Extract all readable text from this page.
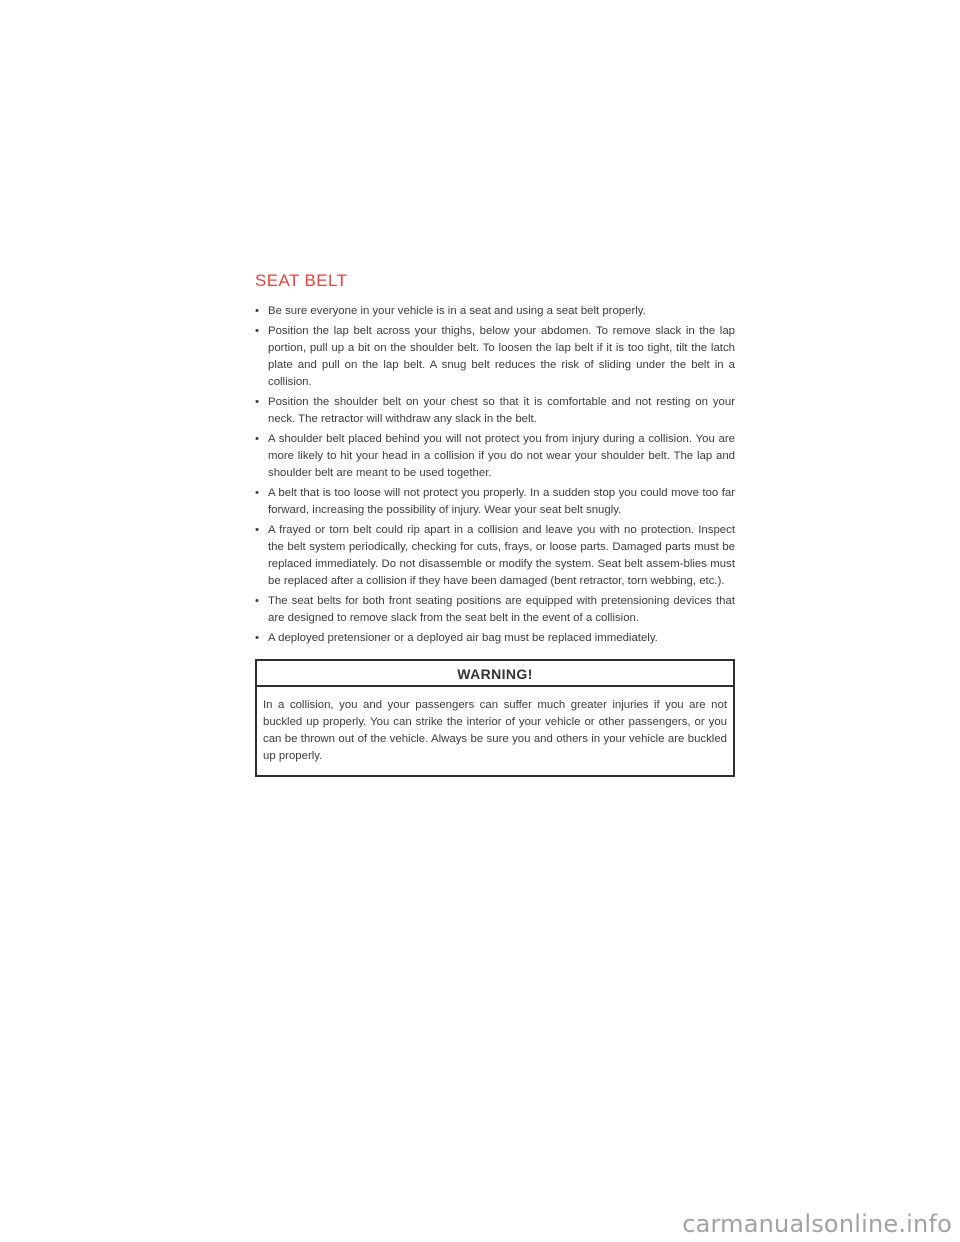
SEAT BELT
• Be sure everyone in your vehicle is in a seat and using a seat belt properly.
• Position the lap belt across your thighs, below your abdomen. To remove slack in the lap portion, pull up a bit on the shoulder belt. To loosen the lap belt if it is too tight, tilt the latch plate and pull on the lap belt. A snug belt reduces the risk of sliding under the belt in a collision.
• Position the shoulder belt on your chest so that it is comfortable and not resting on your neck. The retractor will withdraw any slack in the belt.
• A shoulder belt placed behind you will not protect you from injury during a collision. You are more likely to hit your head in a collision if you do not wear your shoulder belt. The lap and shoulder belt are meant to be used together.
• A belt that is too loose will not protect you properly. In a sudden stop you could move too far forward, increasing the possibility of injury. Wear your seat belt snugly.
• A frayed or torn belt could rip apart in a collision and leave you with no protection. Inspect the belt system periodically, checking for cuts, frays, or loose parts. Damaged parts must be replaced immediately. Do not disassemble or modify the system. Seat belt assem-blies must be replaced after a collision if they have been damaged (bent retractor, torn webbing, etc.).
• The seat belts for both front seating positions are equipped with pretensioning devices that are designed to remove slack from the seat belt in the event of a collision.
• A deployed pretensioner or a deployed air bag must be replaced immediately.
WARNING!
In a collision, you and your passengers can suffer much greater injuries if you are not buckled up properly. You can strike the interior of your vehicle or other passengers, or you can be thrown out of the vehicle. Always be sure you and others in your vehicle are buckled up properly.
carmanualsonline.info
